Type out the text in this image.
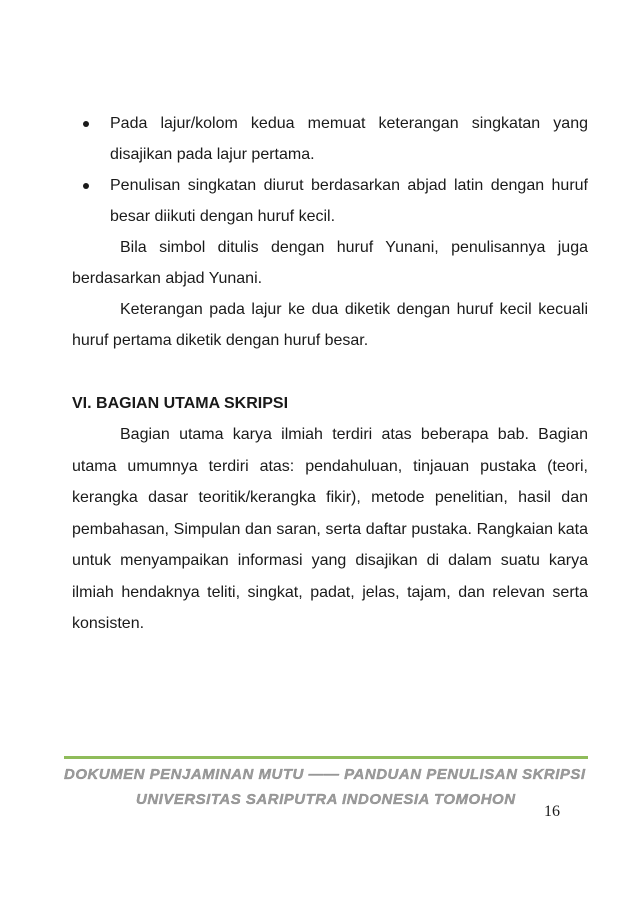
Pada lajur/kolom kedua memuat keterangan singkatan yang disajikan pada lajur pertama.
Penulisan singkatan diurut berdasarkan abjad latin dengan huruf besar diikuti dengan huruf kecil.

Bila simbol ditulis dengan huruf Yunani, penulisannya juga berdasarkan abjad Yunani.

Keterangan pada lajur ke dua diketik dengan huruf kecil kecuali huruf pertama diketik dengan huruf besar.

VI. BAGIAN UTAMA SKRIPSI

Bagian utama karya ilmiah terdiri atas beberapa bab. Bagian utama umumnya terdiri atas: pendahuluan, tinjauan pustaka (teori, kerangka dasar teoritik/kerangka fikir), metode penelitian, hasil dan pembahasan, Simpulan dan saran, serta daftar pustaka. Rangkaian kata untuk menyampaikan informasi yang disajikan di dalam suatu karya ilmiah hendaknya teliti, singkat, padat, jelas, tajam, dan relevan serta konsisten.

DOKUMEN PENJAMINAN MUTU —— PANDUAN PENULISAN SKRIPSI
UNIVERSITAS SARIPUTRA INDONESIA TOMOHON
16
